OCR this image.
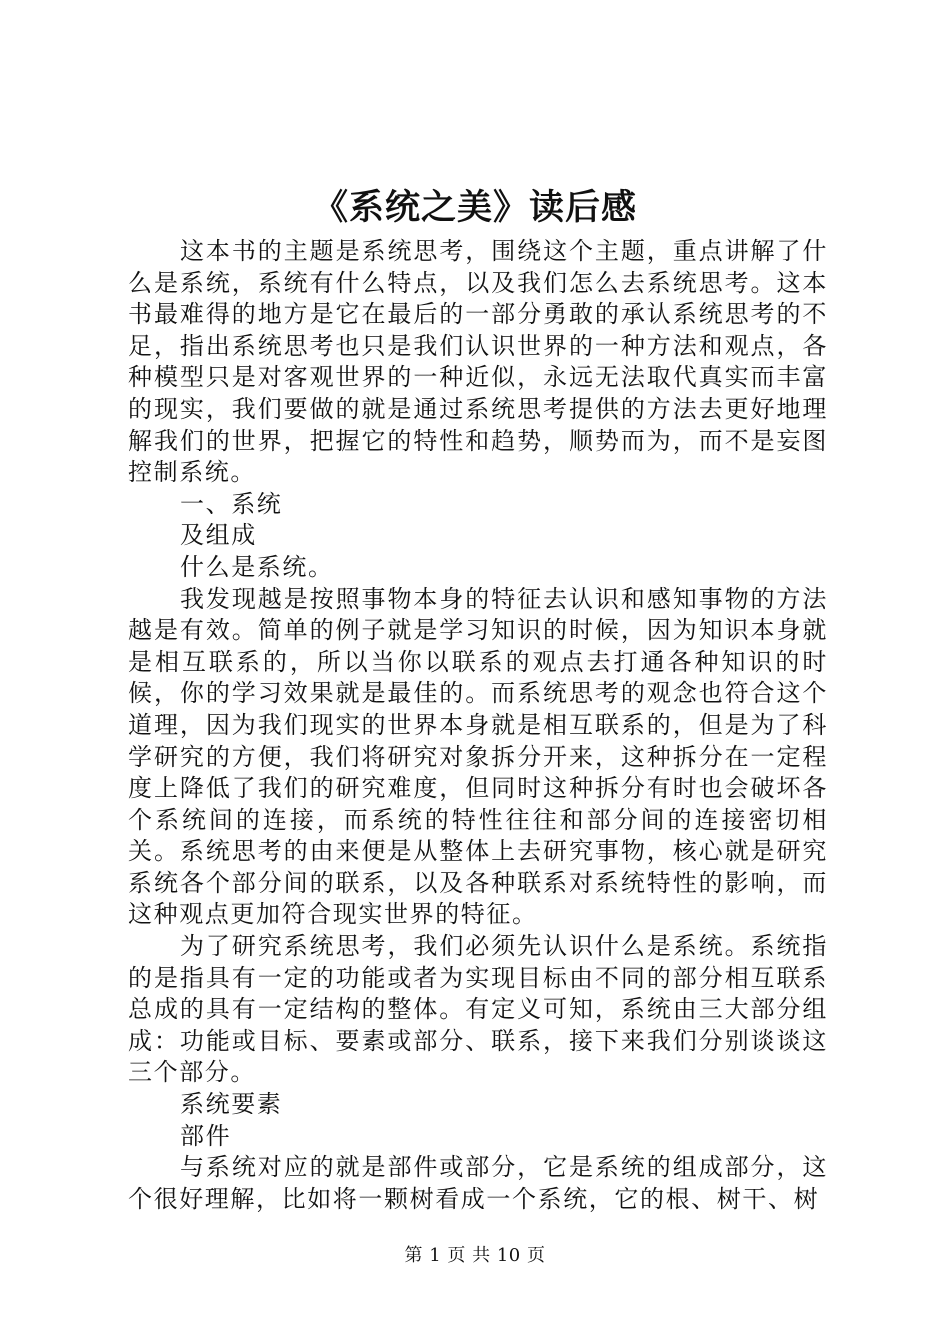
《系统之美》读后感

这本书的主题是系统思考，围绕这个主题，重点讲解了什么是系统，系统有什么特点，以及我们怎么去系统思考。这本书最难得的地方是它在最后的一部分勇敢的承认系统思考的不足，指出系统思考也只是我们认识世界的一种方法和观点，各种模型只是对客观世界的一种近似，永远无法取代真实而丰富的现实，我们要做的就是通过系统思考提供的方法去更好地理解我们的世界，把握它的特性和趋势，顺势而为，而不是妄图控制系统。

一、系统

及组成

什么是系统。

我发现越是按照事物本身的特征去认识和感知事物的方法越是有效。简单的例子就是学习知识的时候，因为知识本身就是相互联系的，所以当你以联系的观点去打通各种知识的时候，你的学习效果就是最佳的。而系统思考的观念也符合这个道理，因为我们现实的世界本身就是相互联系的，但是为了科学研究的方便，我们将研究对象拆分开来，这种拆分在一定程度上降低了我们的研究难度，但同时这种拆分有时也会破坏各个系统间的连接，而系统的特性往往和部分间的连接密切相关。系统思考的由来便是从整体上去研究事物，核心就是研究系统各个部分间的联系，以及各种联系对系统特性的影响，而这种观点更加符合现实世界的特征。

为了研究系统思考，我们必须先认识什么是系统。系统指的是指具有一定的功能或者为实现目标由不同的部分相互联系总成的具有一定结构的整体。有定义可知，系统由三大部分组成：功能或目标、要素或部分、联系，接下来我们分别谈谈这三个部分。

系统要素

部件

与系统对应的就是部件或部分，它是系统的组成部分，这个很好理解，比如将一颗树看成一个系统，它的根、树干、树

第 1 页 共 10 页
